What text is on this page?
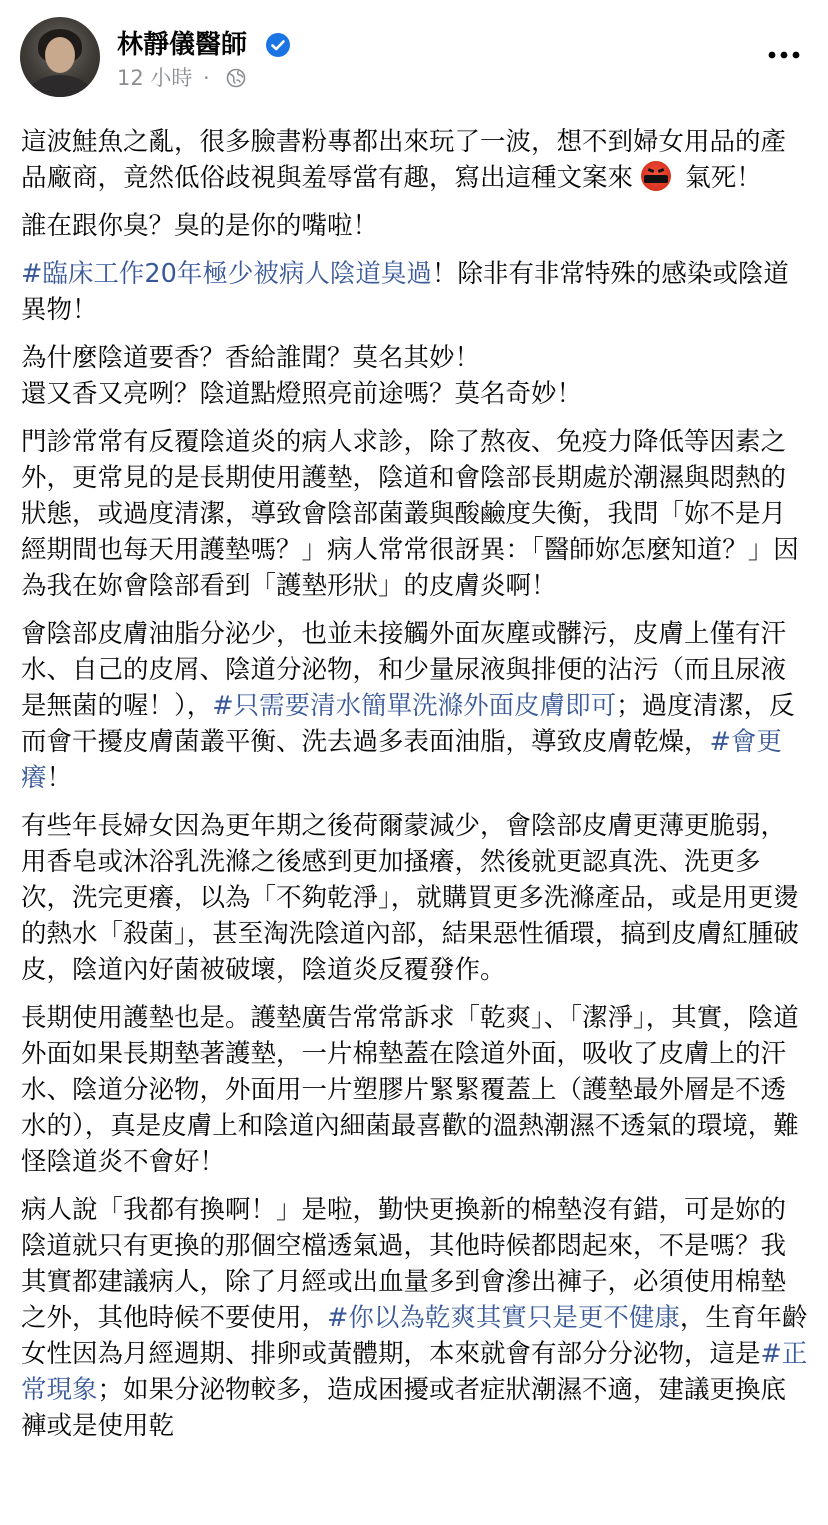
林靜儀醫師
12 小時 ·

這波鮭魚之亂，很多臉書粉專都出來玩了一波，想不到婦女用品的產品廠商，竟然低俗歧視與羞辱當有趣，寫出這種文案來
氣死！

誰在跟你臭？臭的是你的嘴啦！

#臨床工作20年極少被病人陰道臭過！除非有非常特殊的感染或陰道異物！

為什麼陰道要香？香給誰聞？莫名其妙！
還又香又亮咧？陰道點燈照亮前途嗎？莫名奇妙！

門診常常有反覆陰道炎的病人求診，除了熬夜、免疫力降低等因素之外，更常見的是長期使用護墊，陰道和會陰部長期處於潮濕與悶熱的狀態，或過度清潔，導致會陰部菌叢與酸鹼度失衡，我問「妳不是月經期間也每天用護墊嗎？」病人常常很訝異：「醫師妳怎麼知道？」因為我在妳會陰部看到「護墊形狀」的皮膚炎啊！

會陰部皮膚油脂分泌少，也並未接觸外面灰塵或髒污，皮膚上僅有汗水、自己的皮屑、陰道分泌物，和少量尿液與排便的沾污（而且尿液是無菌的喔！），#只需要清水簡單洗滌外面皮膚即可；過度清潔，反而會干擾皮膚菌叢平衡、洗去過多表面油脂，導致皮膚乾燥，#會更癢！

有些年長婦女因為更年期之後荷爾蒙減少，會陰部皮膚更薄更脆弱，用香皂或沐浴乳洗滌之後感到更加搔癢，然後就更認真洗、洗更多次，洗完更癢，以為「不夠乾淨」，就購買更多洗滌產品，或是用更燙的熱水「殺菌」，甚至淘洗陰道內部，結果惡性循環，搞到皮膚紅腫破皮，陰道內好菌被破壞，陰道炎反覆發作。

長期使用護墊也是。護墊廣告常常訴求「乾爽」、「潔淨」，其實，陰道外面如果長期墊著護墊，一片棉墊蓋在陰道外面，吸收了皮膚上的汗水、陰道分泌物，外面用一片塑膠片緊緊覆蓋上（護墊最外層是不透水的），真是皮膚上和陰道內細菌最喜歡的溫熱潮濕不透氣的環境，難怪陰道炎不會好！

病人說「我都有換啊！」是啦，勤快更換新的棉墊沒有錯，可是妳的陰道就只有更換的那個空檔透氣過，其他時候都悶起來，不是嗎？我其實都建議病人，除了月經或出血量多到會滲出褲子，必須使用棉墊之外，其他時候不要使用，#你以為乾爽其實只是更不健康，生育年齡女性因為月經週期、排卵或黃體期，本來就會有部分分泌物，這是#正常現象；如果分泌物較多，造成困擾或者症狀潮濕不適，建議更換底褲或是使用乾
